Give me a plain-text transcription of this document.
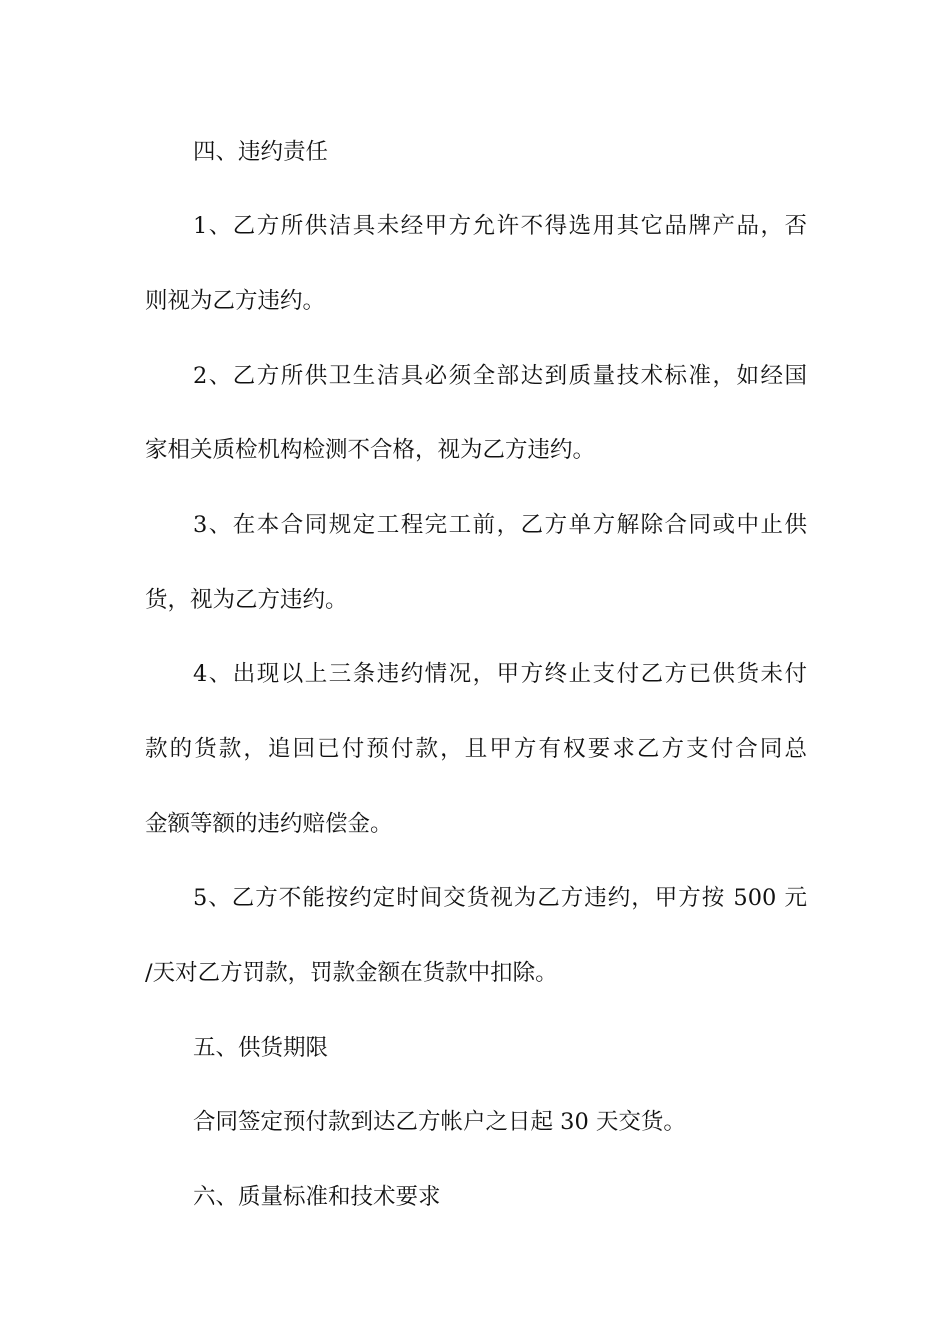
四、违约责任
1、乙方所供洁具未经甲方允许不得选用其它品牌产品，否
则视为乙方违约。
2、乙方所供卫生洁具必须全部达到质量技术标准，如经国
家相关质检机构检测不合格，视为乙方违约。
3、在本合同规定工程完工前，乙方单方解除合同或中止供
货，视为乙方违约。
4、出现以上三条违约情况，甲方终止支付乙方已供货未付
款的货款，追回已付预付款，且甲方有权要求乙方支付合同总
金额等额的违约赔偿金。
5、乙方不能按约定时间交货视为乙方违约，甲方按 500 元
/天对乙方罚款，罚款金额在货款中扣除。
五、供货期限
合同签定预付款到达乙方帐户之日起 30 天交货。
六、质量标准和技术要求
